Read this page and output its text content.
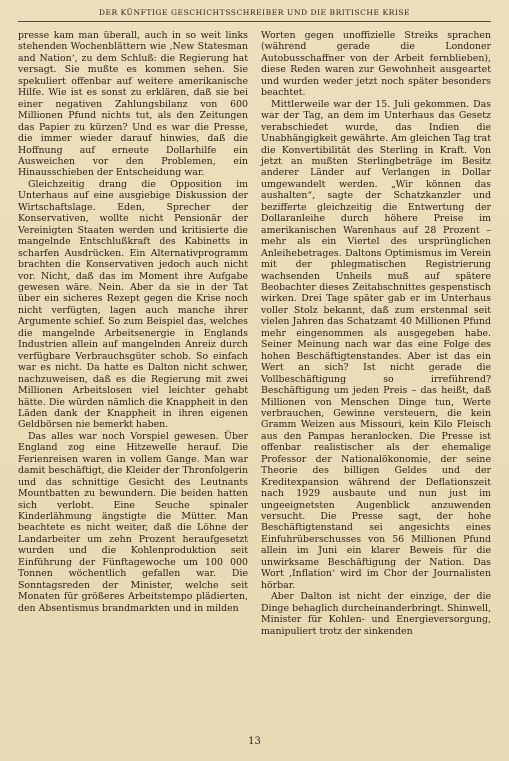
DER KÜNFTIGE GESCHICHTSSCHREIBER UND DIE BRITISCHE KRISE

presse kam man überall, auch in so weit links stehenden Wochenblättern wie ‚New Statesman and Nation‘, zu dem Schluß: die Regierung hat versagt. Sie mußte es kommen sehen. Sie spekuliert offenbar auf weitere amerikanische Hilfe. Wie ist es sonst zu erklären, daß sie bei einer negativen Zahlungsbilanz von 600 Millionen Pfund nichts tut, als den Zeitungen das Papier zu kürzen? Und es war die Presse, die immer wieder darauf hinwies, daß die Hoffnung auf erneute Dollarhilfe ein Ausweichen vor den Problemen, ein Hinausschieben der Entscheidung war.

Gleichzeitig drang die Opposition im Unterhaus auf eine ausgiebige Diskussion der Wirtschaftslage. Eden, Sprecher der Konservativen, wollte nicht Pensionär der Vereinigten Staaten werden und kritisierte die mangelnde Entschlußkraft des Kabinetts in scharfen Ausdrücken. Ein Alternativprogramm brachten die Konservativen jedoch auch nicht vor. Nicht, daß das im Moment ihre Aufgabe gewesen wäre. Nein. Aber da sie in der Tat über ein sicheres Rezept gegen die Krise noch nicht verfügten, lagen auch manche ihrer Argumente schief. So zum Beispiel das, welches die mangelnde Arbeitsenergie in Englands Industrien allein auf mangelnden Anreiz durch verfügbare Verbrauchsgüter schob. So einfach war es nicht. Da hatte es Dalton nicht schwer, nachzuweisen, daß es die Regierung mit zwei Millionen Arbeitslosen viel leichter gehabt hätte. Die würden nämlich die Knappheit in den Läden dank der Knappheit in ihren eigenen Geldbörsen nie bemerkt haben.

Das alles war noch Vorspiel gewesen. Über England zog eine Hitzewelle herauf. Die Ferienreisen waren in vollem Gange. Man war damit beschäftigt, die Kleider der Thronfolgerin und das schnittige Gesicht des Leutnants Mountbatten zu bewundern. Die beiden hatten sich verlobt. Eine Seuche spinaler Kinderlähmung ängstigte die Mütter. Man beachtete es nicht weiter, daß die Löhne der Landarbeiter um zehn Prozent heraufgesetzt wurden und die Kohlenproduktion seit Einführung der Fünftagewoche um 100 000 Tonnen wöchentlich gefallen war. Die Sonntagsreden der Minister, welche seit Monaten für größeres Arbeitstempo plädierten, den Absentismus brandmarkten und in milden

Worten gegen unoffizielle Streiks sprachen (während gerade die Londoner Autobusschaffner von der Arbeit fernblieben), diese Reden waren zur Gewohnheit ausgeartet und wurden weder jetzt noch später besonders beachtet.

Mittlerweile war der 15. Juli gekommen. Das war der Tag, an dem im Unterhaus das Gesetz verabschiedet wurde, das Indien die Unabhängigkeit gewährte. Am gleichen Tag trat die Konvertibilität des Sterling in Kraft. Von jetzt an mußten Sterlingbeträge im Besitz anderer Länder auf Verlangen in Dollar umgewandelt werden. „Wir können das aushalten“, sagte der Schatzkanzler und bezifferte gleichzeitig die Entwertung der Dollaranleihe durch höhere Preise im amerikanischen Warenhaus auf 28 Prozent – mehr als ein Viertel des ursprünglichen Anleihebetrages. Daltons Optimismus im Verein mit der phlegmatischen Registrierung wachsenden Unheils muß auf spätere Beobachter dieses Zeitabschnittes gespenstisch wirken. Drei Tage später gab er im Unterhaus voller Stolz bekannt, daß zum erstenmal seit vielen Jahren das Schatzamt 40 Millionen Pfund mehr eingenommen als ausgegeben habe. Seiner Meinung nach war das eine Folge des hohen Beschäftigtenstandes. Aber ist das ein Wert an sich? Ist nicht gerade die Vollbeschäftigung so irreführend? Beschäftigung um jeden Preis – das heißt, daß Millionen von Menschen Dinge tun, Werte verbrauchen, Gewinne versteuern, die kein Gramm Weizen aus Missouri, kein Kilo Fleisch aus den Pampas heranlocken. Die Presse ist offenbar realistischer als der ehemalige Professor der Nationalökonomie, der seine Theorie des billigen Geldes und der Kreditexpansion während der Deflationszeit nach 1929 ausbaute und nun just im ungeeignetsten Augenblick anzuwenden versucht. Die Presse sagt, der hohe Beschäftigtenstand sei angesichts eines Einfuhrüberschusses von 56 Millionen Pfund allein im Juni ein klarer Beweis für die unwirksame Beschäftigung der Nation. Das Wort ‚Inflation‘ wird im Chor der Journalisten hörbar.

Aber Dalton ist nicht der einzige, der die Dinge behaglich durcheinanderbringt. Shinwell, Minister für Kohlen- und Energieversorgung, manipuliert trotz der sinkenden

13
